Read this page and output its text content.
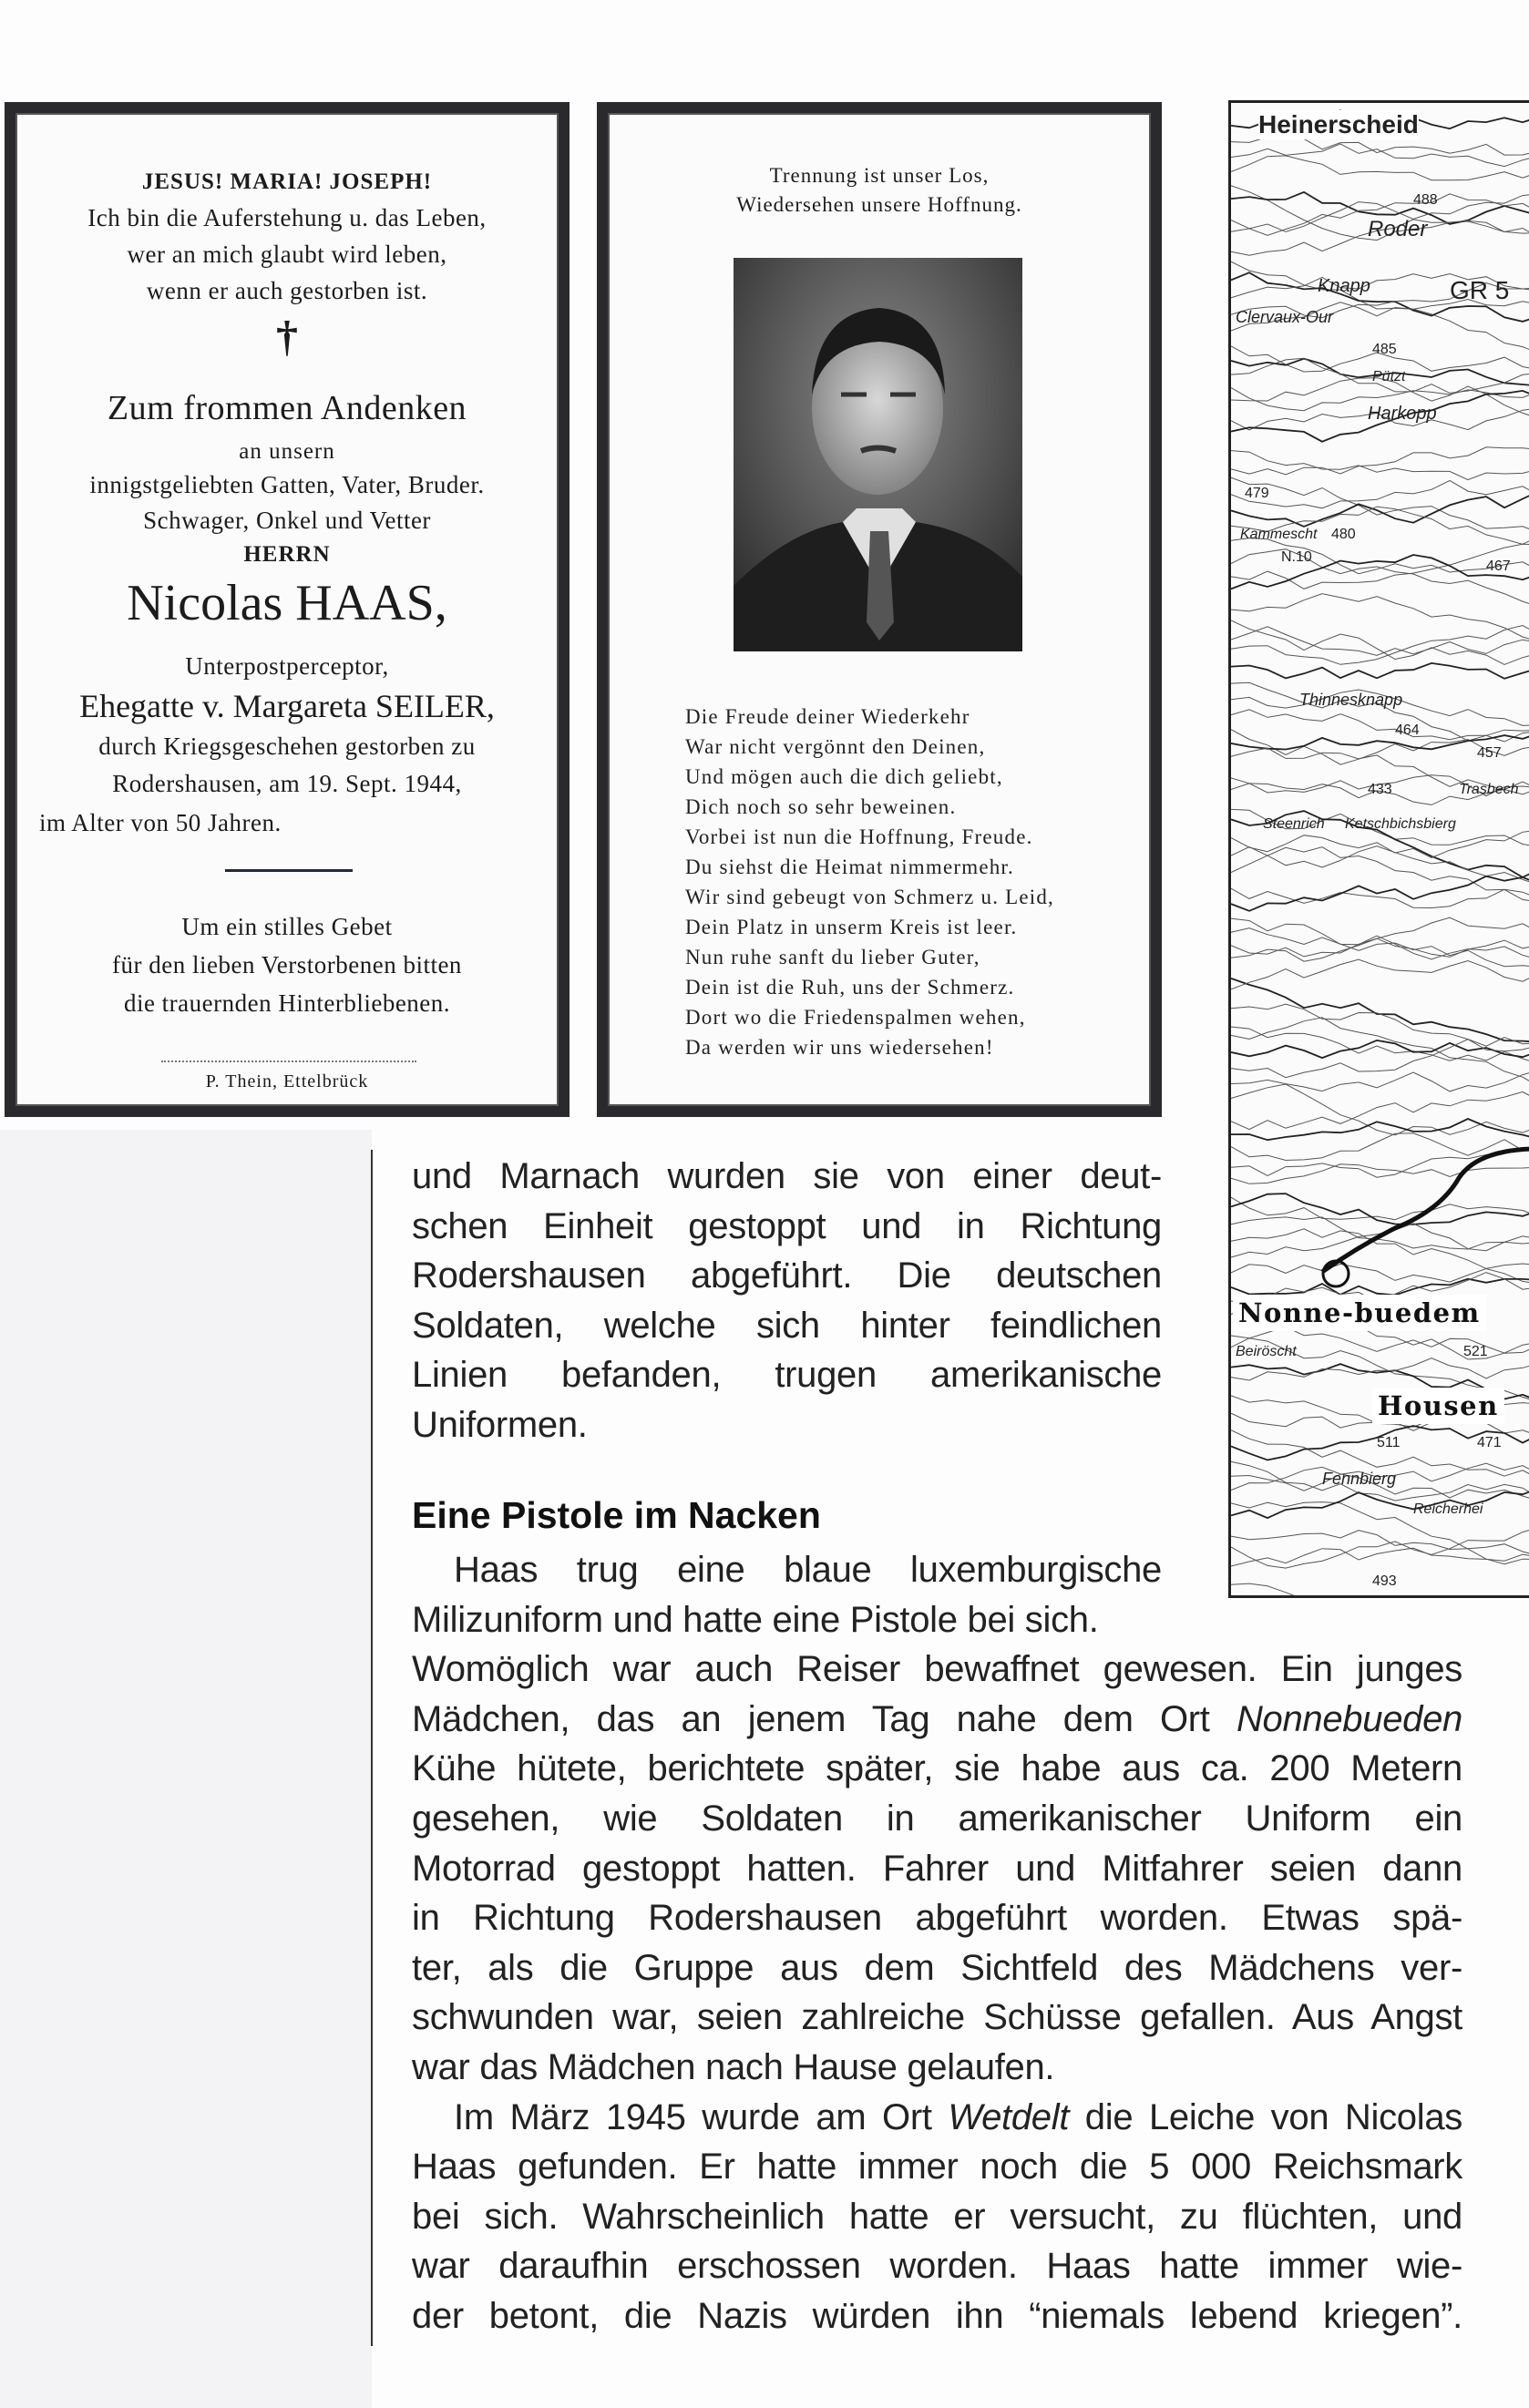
JESUS! MARIA! JOSEPH!
Ich bin die Auferstehung u. das Leben,
wer an mich glaubt wird leben,
wenn er auch gestorben ist.
†
Zum frommen Andenken
an unsern
innigstgeliebten Gatten, Vater, Bruder.
Schwager, Onkel und Vetter
HERRN
Nicolas HAAS,
Unterpostperceptor,
Ehegatte v. Margareta SEILER,
durch Kriegsgeschehen gestorben zu
Rodershausen, am 19. Sept. 1944,
im Alter von 50 Jahren.
Um ein stilles Gebet
für den lieben Verstorbenen bitten
die trauernden Hinterbliebenen.
P. Thein, Ettelbrück
Trennung ist unser Los,
Wiedersehen unsere Hoffnung.
Die Freude deiner Wiederkehr
War nicht vergönnt den Deinen,
Und mögen auch die dich geliebt,
Dich noch so sehr beweinen.
Vorbei ist nun die Hoffnung, Freude.
Du siehst die Heimat nimmermehr.
Wir sind gebeugt von Schmerz u. Leid,
Dein Platz in unserm Kreis ist leer.
Nun ruhe sanft du lieber Guter,
Dein ist die Ruh, uns der Schmerz.
Dort wo die Friedenspalmen wehen,
Da werden wir uns wiedersehen!
Heinerscheid
Roder
Knapp
Clervaux-Our
488
485
Pützt
Harkopp
479
Kammescht 480
N.10
467
Thinnesknapp
464
457
433
Steenrich Ketschbichsbierg
Trasbech
Beiröscht	521
511	471
Fennbierg
Reicherhei
493
GR 5
Nonne-buedem
Housen
Eine Pistole im Nacken
und Marnach wurden sie von einer deut-
schen Einheit gestoppt und in Richtung
Rodershausen abgeführt. Die deutschen
Soldaten, welche sich hinter feindlichen
Linien befanden, trugen amerikanische
Uniformen.
Haas trug eine blaue luxemburgische
Milizuniform und hatte eine Pistole bei sich.
Womöglich war auch Reiser bewaffnet gewesen. Ein junges
Mädchen, das an jenem Tag nahe dem Ort Nonnebueden
Kühe hütete, berichtete später, sie habe aus ca. 200 Metern
gesehen, wie Soldaten in amerikanischer Uniform ein
Motorrad gestoppt hatten. Fahrer und Mitfahrer seien dann
in Richtung Rodershausen abgeführt worden. Etwas spä-
ter, als die Gruppe aus dem Sichtfeld des Mädchens ver-
schwunden war, seien zahlreiche Schüsse gefallen. Aus Angst
war das Mädchen nach Hause gelaufen.
Im März 1945 wurde am Ort Wetdelt die Leiche von Nicolas
Haas gefunden. Er hatte immer noch die 5 000 Reichsmark
bei sich. Wahrscheinlich hatte er versucht, zu flüchten, und
war daraufhin erschossen worden. Haas hatte immer wie-
der betont, die Nazis würden ihn “niemals lebend kriegen”.
